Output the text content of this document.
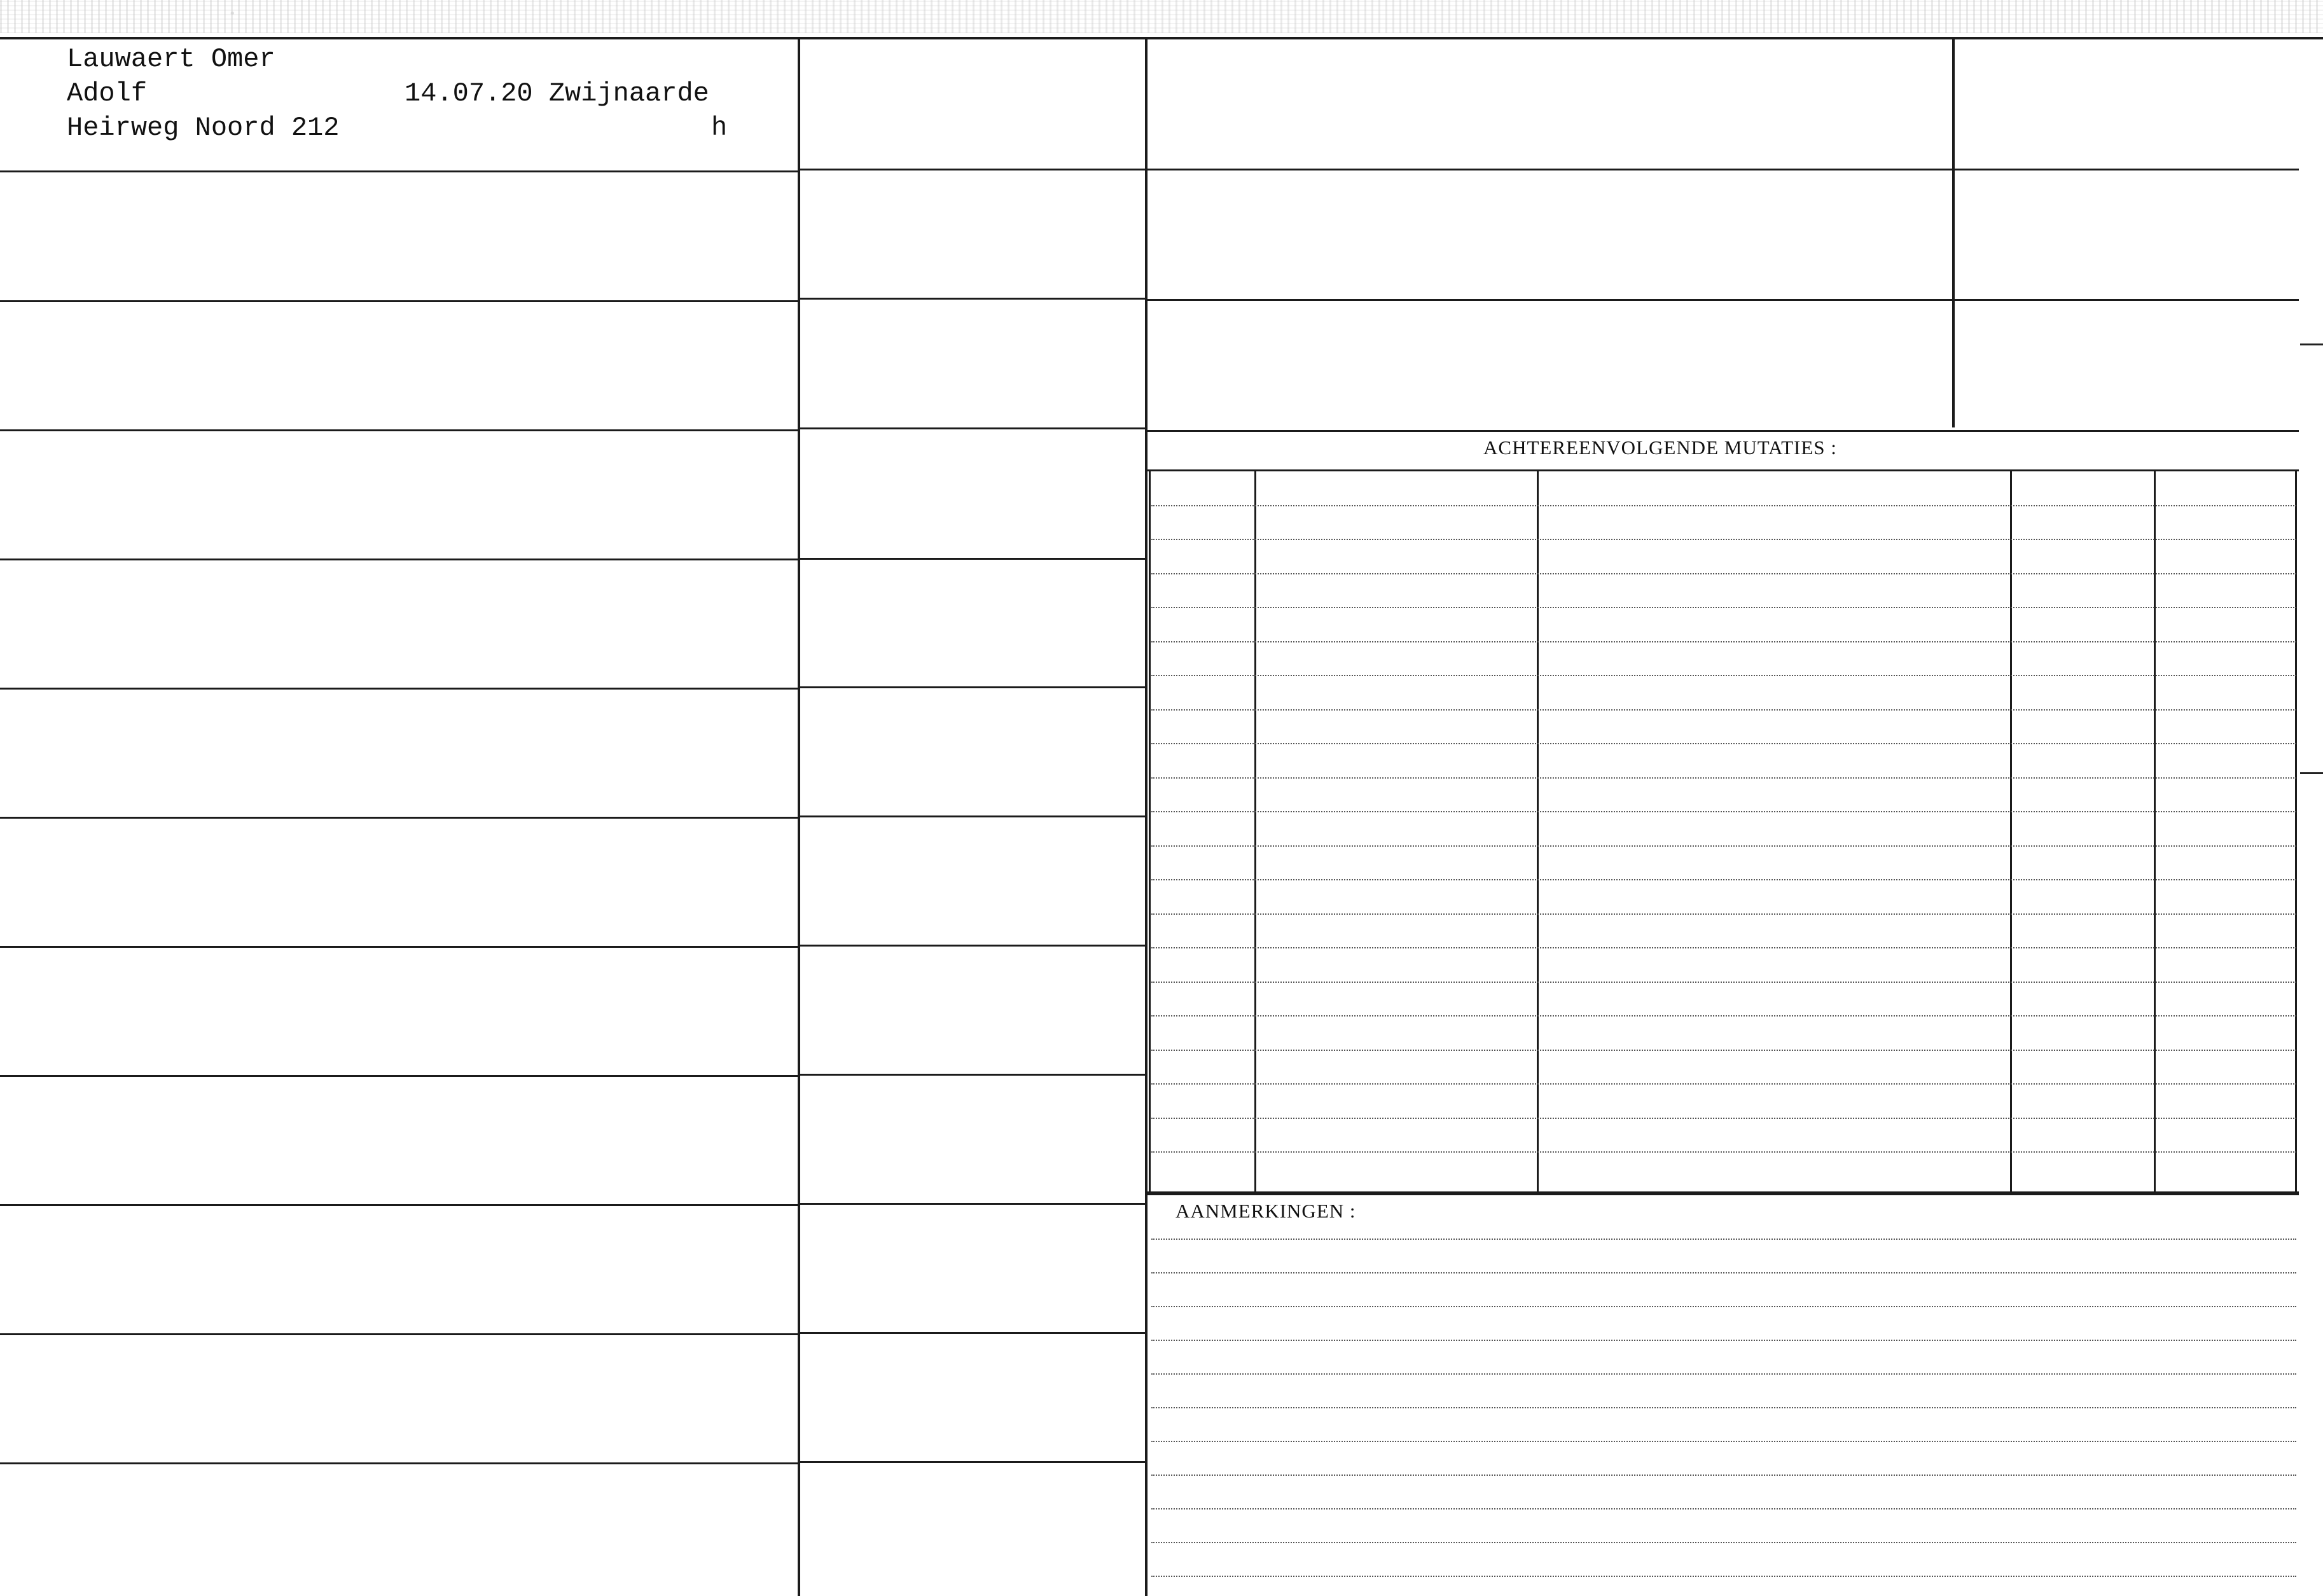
Lauwaert Omer
Adolf	14.07.20 Zwijnaarde
Heirweg Noord 212	h
ACHTEREENVOLGENDE MUTATIES :
AANMERKINGEN :
